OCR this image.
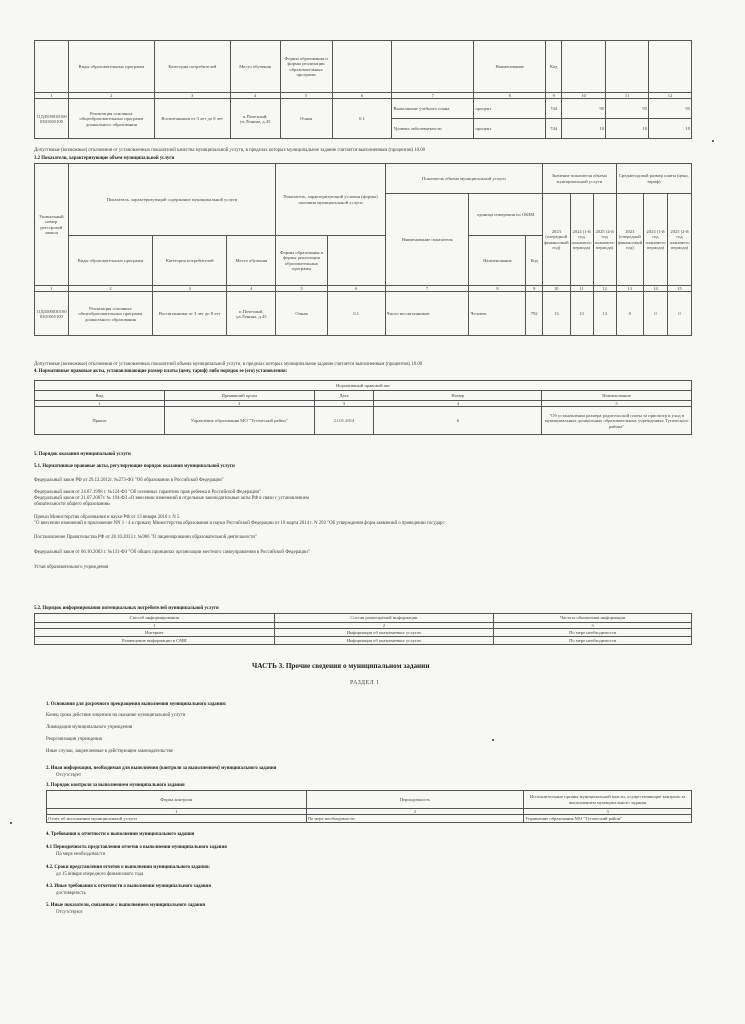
	Виды образовательных программ	Категория потребителей	Место обучения	Формы образования и формы реализации образовательных программ			Наименование	Код			
1	2	3	4	5	6	7	8	9	10	11	12
11Д45000301000301065100	Реализация основных общеобразовательных программ дошкольного образования	Воспитанники от 3 лет до 8 лет	п.Почетный, ул.Ленина, д.45	Очная	0.1	Выполнение учебного плана	процент	744	95	95	95
						Уровень заболеваемости	процент	744	10	10	10
Допустимые (возможные) отклонения от установленных показателей качества муниципальной услуги, в пределах которых муниципальное задание считается выполненным (процентов) 10.00
3.2 Показатели, характеризующие объем муниципальной услуги
Уникальный номер реестровой записи	Показатель, характеризующий содержание муниципальной услуги			Показатель, характеризующий условия (формы) оказания муниципальной услуги		Показатель объема муниципальной услуги			Значение показателя объема муниципальной услуги			Среднегодовой размер платы (цена, тариф)		
						Наименование показателя	единица измерения по ОКЕИ		2023 (очередной финансовый год)	2024 (1-й год планового периода)	2025 (2-й год планового периода)	2023 (очередной финансовый год)	2024 (1-й год планового периода)	2025 (2-й год планового периода)
	Виды образовательных программ	Категория потребителей	Место обучения	Формы образования и формы реализации образовательных программ			Наименование	Код						
1	2	3	4	5	6	7	8	9	10	11	12	13	14	15
11Д45000301000301065100	Реализация основных общеобразовательных программ дошкольного образования	Воспитанники от 3 лет до 8 лет	п.Почетный, ул.Ленина, д.45	Очная	0.1	Число воспитанников	Человек	792	13	13	13	0	0	0
Допустимые (возможные) отклонения от установленных показателей объема муниципальной услуги, в пределах которых муниципальное задание считается выполненным (процентов) 10.00
4. Нормативные правовые акты, устанавливающие размер платы (цену, тариф) либо порядок ее (его) установления:
Нормативный правовой акт				
Вид	Принявший орган	Дата	Номер	Наименование
1	2	3	4	5
Приказ	Управление образования МО "Тугаческий район"	21.01.2014	6	"Об установлении размера родительской платы за присмотр и уход в муниципальных дошкольных образовательных учреждениях Тугаческого района"
5. Порядок оказания муниципальной услуги
5.1. Нормативные правовые акты, регулирующие порядок оказания муниципальной услуги
Федеральный закон РФ от 29.12.2012г. №273-ФЗ "Об образовании в Российской Федерации"
Федеральный закон от 24.07.1998 г. №124-ФЗ "Об основных гарантиях прав ребенка в Российской Федерации"
Федеральный закон от 21.07.2007г. № 194-ФЗ «О внесении изменений в отдельные законодательные акты РФ в связи с установлением
обязательности общего образования»
Приказ Министерства образования и науки РФ от 13 января 2016 г. N 5
"О внесении изменений в приложение NN 1 - 4 к приказу Министерства образования и науки Российской Федерации от 18 марта 2014 г. N 293 "Об утверждении форм заявлений о проведении государс
Постановление Правительства РФ от 28.10.2013 г. №966 "О лицензировании образовательной деятельности"
Федеральный закон от 06.10.2003 г. №131-ФЗ "Об общих принципах организации местного самоуправления в Российской Федерации"
Устав образовательного учреждения
5.2. Порядок информирования потенциальных потребителей муниципальной услуги
Способ информирования	Состав размещаемой информации	Частота обновления информации
1	2	3
Интернет	Информация об оказываемых услугах	По мере необходимости
Размещение информации в СМИ	Информация об оказываемых услугах	По мере необходимости
ЧАСТЬ 3. Прочие сведения о муниципальном задании
РАЗДЕЛ 1
1. Основания для досрочного прекращения выполнения муниципального задания:
Конец срока действия лицензии на оказание муниципальной услуги
Ликвидация муниципального учреждения
Реорганизация учреждения
Иные случаи, закрепленные в действующем законодательстве
2. Иная информация, необходимая для выполнения (контроля за выполнением) муниципального задания
Отсутствует
3. Порядок контроля за выполнением муниципального задания
Форма контроля	Периодичность	Исполнительные органы муниципальной власти, осуществляющие контроль за выполнением муниципального задания
1	2	3
Отчет об исполнении муниципальной услуги	По мере необходимости	Управление образования МО "Тугаческий район"
4. Требования к отчетности о выполнении муниципального задания
4.1 Периодичность представления отчетов о выполнении муниципального задания
По мере необходимости
4.2. Сроки представления отчетов о выполнении муниципального задания:
до 15 января очередного финансового года
4.3. Иные требования к отчетности о выполнении муниципального задания
достоверность
5. Иные показатели, связанные с выполнением муниципального задания
Отсутствуют
